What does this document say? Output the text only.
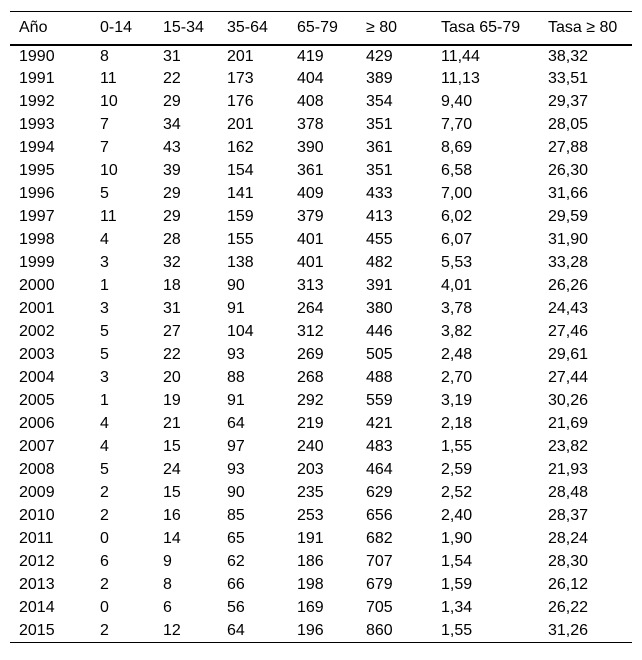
Año	0-14	15-34	35-64	65-79	≥ 80	Tasa 65-79	Tasa ≥ 80
1990	8	31	201	419	429	11,44	38,32
1991	11	22	173	404	389	11,13	33,51
1992	10	29	176	408	354	9,40	29,37
1993	7	34	201	378	351	7,70	28,05
1994	7	43	162	390	361	8,69	27,88
1995	10	39	154	361	351	6,58	26,30
1996	5	29	141	409	433	7,00	31,66
1997	11	29	159	379	413	6,02	29,59
1998	4	28	155	401	455	6,07	31,90
1999	3	32	138	401	482	5,53	33,28
2000	1	18	90	313	391	4,01	26,26
2001	3	31	91	264	380	3,78	24,43
2002	5	27	104	312	446	3,82	27,46
2003	5	22	93	269	505	2,48	29,61
2004	3	20	88	268	488	2,70	27,44
2005	1	19	91	292	559	3,19	30,26
2006	4	21	64	219	421	2,18	21,69
2007	4	15	97	240	483	1,55	23,82
2008	5	24	93	203	464	2,59	21,93
2009	2	15	90	235	629	2,52	28,48
2010	2	16	85	253	656	2,40	28,37
2011	0	14	65	191	682	1,90	28,24
2012	6	9	62	186	707	1,54	28,30
2013	2	8	66	198	679	1,59	26,12
2014	0	6	56	169	705	1,34	26,22
2015	2	12	64	196	860	1,55	31,26
